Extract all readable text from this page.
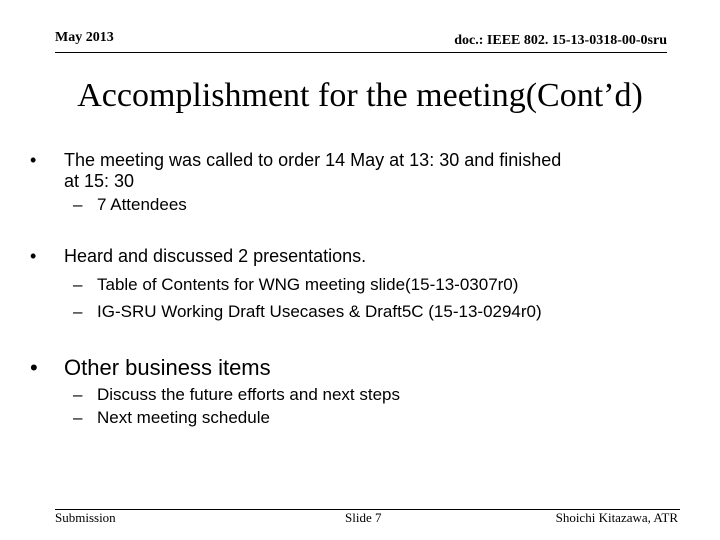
May 2013	doc.: IEEE 802. 15-13-0318-00-0sru
Accomplishment for the meeting(Cont’d)
• The meeting was called to order 14 May at 13: 30 and finished
at 15: 30
– 7 Attendees
• Heard and discussed 2 presentations.
– Table of Contents for WNG meeting slide(15-13-0307r0)
– IG-SRU Working Draft Usecases & Draft5C (15-13-0294r0)
• Other business items
– Discuss the future efforts and next steps
– Next meeting schedule
Submission	Slide 7	Shoichi Kitazawa, ATR
